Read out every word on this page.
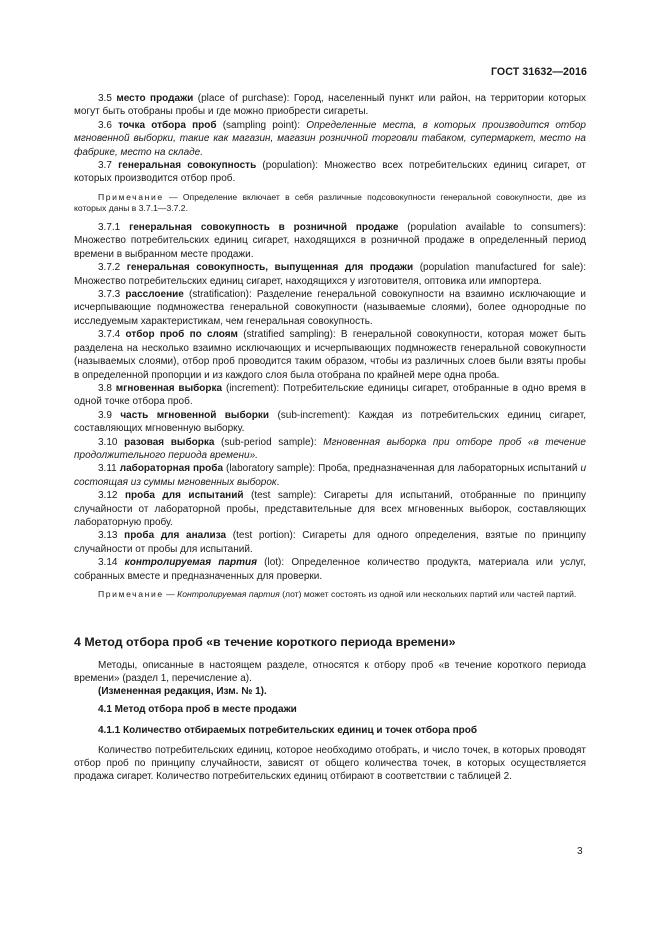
ГОСТ 31632—2016

3.5 место продажи (place of purchase): Город, населенный пункт или район, на территории которых могут быть отобраны пробы и где можно приобрести сигареты.

3.6 точка отбора проб (sampling point): Определенные места, в которых производится отбор мгновенной выборки, такие как магазин, магазин розничной торговли табаком, супермаркет, место на фабрике, место на складе.

3.7 генеральная совокупность (population): Множество всех потребительских единиц сигарет, от которых производится отбор проб.

Примечание — Определение включает в себя различные подсовокупности генеральной совокупности, две из которых даны в 3.7.1—3.7.2.

3.7.1 генеральная совокупность в розничной продаже (population available to consumers): Множество потребительских единиц сигарет, находящихся в розничной продаже в определенный период времени в выбранном месте продажи.

3.7.2 генеральная совокупность, выпущенная для продажи (population manufactured for sale): Множество потребительских единиц сигарет, находящихся у изготовителя, оптовика или импортера.

3.7.3 расслоение (stratification): Разделение генеральной совокупности на взаимно исключающие и исчерпывающие подмножества генеральной совокупности (называемые слоями), более однородные по исследуемым характеристикам, чем генеральная совокупность.

3.7.4 отбор проб по слоям (stratified sampling): В генеральной совокупности, которая может быть разделена на несколько взаимно исключающих и исчерпывающих подмножеств генеральной совокупности (называемых слоями), отбор проб проводится таким образом, чтобы из различных слоев были взяты пробы в определенной пропорции и из каждого слоя была отобрана по крайней мере одна проба.

3.8 мгновенная выборка (increment): Потребительские единицы сигарет, отобранные в одно время в одной точке отбора проб.

3.9 часть мгновенной выборки (sub-increment): Каждая из потребительских единиц сигарет, составляющих мгновенную выборку.

3.10 разовая выборка (sub-period sample): Мгновенная выборка при отборе проб «в течение продолжительного периода времени».

3.11 лабораторная проба (laboratory sample): Проба, предназначенная для лабораторных испытаний и состоящая из суммы мгновенных выборок.

3.12 проба для испытаний (test sample): Сигареты для испытаний, отобранные по принципу случайности от лабораторной пробы, представительные для всех мгновенных выборок, составляющих лабораторную пробу.

3.13 проба для анализа (test portion): Сигареты для одного определения, взятые по принципу случайности от пробы для испытаний.

3.14 контролируемая партия (lot): Определенное количество продукта, материала или услуг, собранных вместе и предназначенных для проверки.

Примечание — Контролируемая партия (лот) может состоять из одной или нескольких партий или частей партий.

4 Метод отбора проб «в течение короткого периода времени»

Методы, описанные в настоящем разделе, относятся к отбору проб «в течение короткого периода времени» (раздел 1, перечисление а).

(Измененная редакция, Изм. № 1).

4.1 Метод отбора проб в месте продажи

4.1.1 Количество отбираемых потребительских единиц и точек отбора проб

Количество потребительских единиц, которое необходимо отобрать, и число точек, в которых проводят отбор проб по принципу случайности, зависят от общего количества точек, в которых осуществляется продажа сигарет. Количество потребительских единиц отбирают в соответствии с таблицей 2.

3
